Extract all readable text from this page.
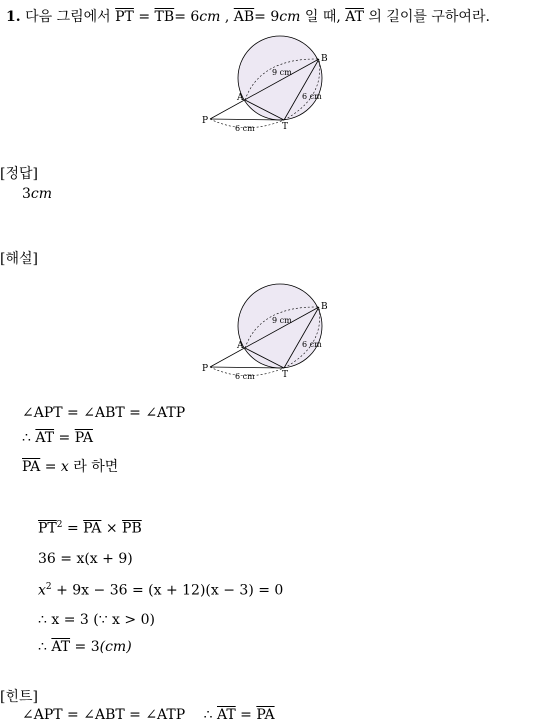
1. 다음 그림에서 $\overline{PT} = \overline{TB}= 6cm$ , $\overline{AB}= 9cm$ 일 때, $\overline{AT}$ 의 길이를 구하여라.
P
T
A
B
9 cm
6 cm
6 cm
[정답]
3cm
[해설]
P
T
A
B
9 cm
6 cm
6 cm
∠APT = ∠ABT = ∠ATP
∴ $\overline{AT} = \overline{PA}$
$\overline{PA} = x$ 라 하면
$\overline{PT}^2 = \overline{PA} \times \overline{PB}$
36 = x(x + 9)
$x^2 + 9x - 36 = (x + 12)(x - 3) = 0$
∴ x = 3 (∵ x > 0)
∴ $\overline{AT} = 3(cm)$
[힌트]
∠APT = ∠ABT = ∠ATP ∴ $\overline{AT} = \overline{PA}$
